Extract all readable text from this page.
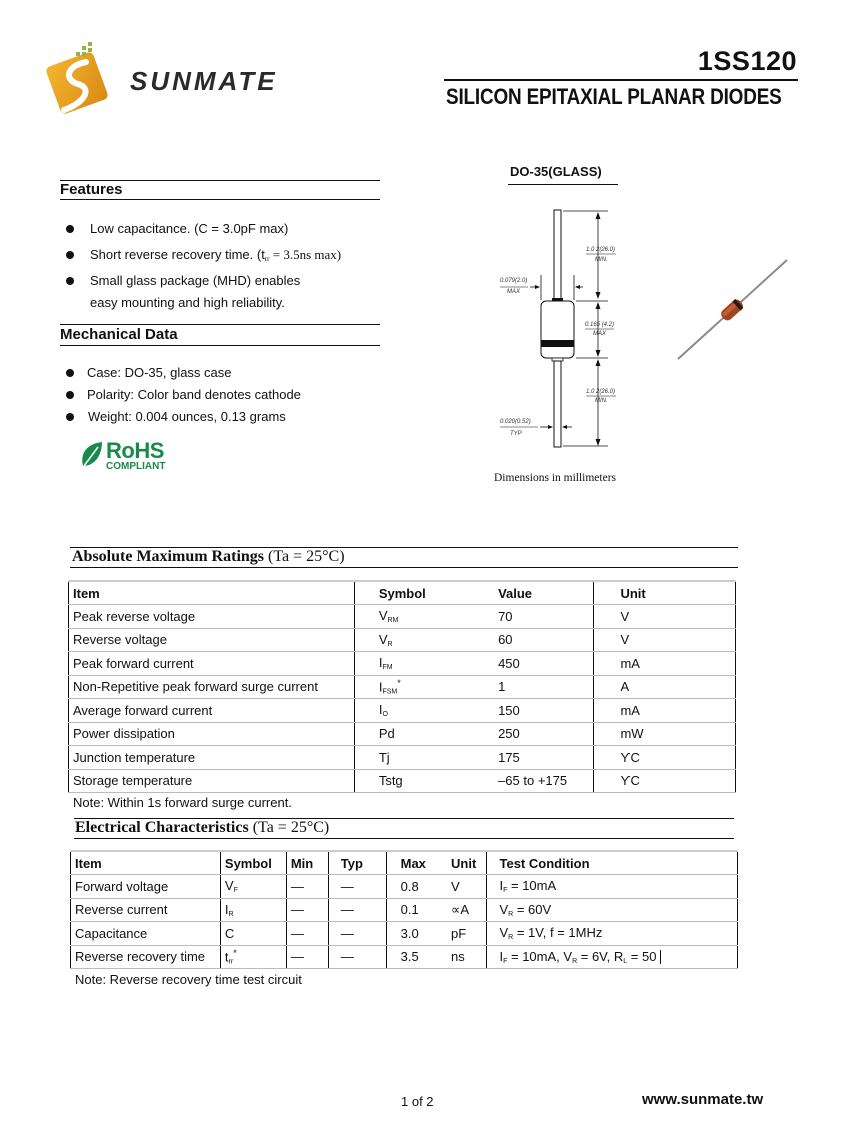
SUNMATE
1SS120
SILICON EPITAXIAL PLANAR DIODES
Features
Low capacitance. (C = 3.0pF max)
Short reverse recovery time. ($t_{rr} = 3.5ns$ max)
Small glass package (MHD) enables
easy mounting and high reliability.
Mechanical Data
Case: DO-35, glass case
Polarity: Color band denotes cathode
Weight: 0.004 ounces, 0.13 grams
RoHS
COMPLIANT
DO-35(GLASS)
1.0 2(26.0)
MIN.
0.079(2.0)
MAX
0.165 (4.2)
MAX
1.0 2(26.0)
MIN.
0.020(0.52)
TYP
Dimensions in millimeters
Absolute Maximum Ratings (Ta = 25°C)
Item	Symbol	Value	Unit
Peak reverse voltage	$V_{RM}$	70	V
Reverse voltage	$V_R$	60	V
Peak forward current	$I_{FM}$	450	mA
Non-Repetitive peak forward surge current	$I_{FSM}^*$	1	A
Average forward current	$I_O$	150	mA
Power dissipation	Pd	250	mW
Junction temperature	Tj	175	ϒC
Storage temperature	Tstg	–65 to +175	ϒC
Note: Within 1s forward surge current.
Electrical Characteristics (Ta = 25°C)
Item	Symbol	Min	Typ	Max	Unit	Test Condition
Forward voltage	$V_F$	—	—	0.8	V	$I_F = 10mA$
Reverse current	$I_R$	—	—	0.1	∝A	$V_R = 60V$
Capacitance	C	—	—	3.0	pF	$V_R = 1V$, f = 1MHz
Reverse recovery time	$t_{rr}^*$	—	—	3.5	ns	$I_F = 10mA$, $V_R = 6V$, $R_L = 50$
Note: Reverse recovery time test circuit
1 of 2	www.sunmate.tw
